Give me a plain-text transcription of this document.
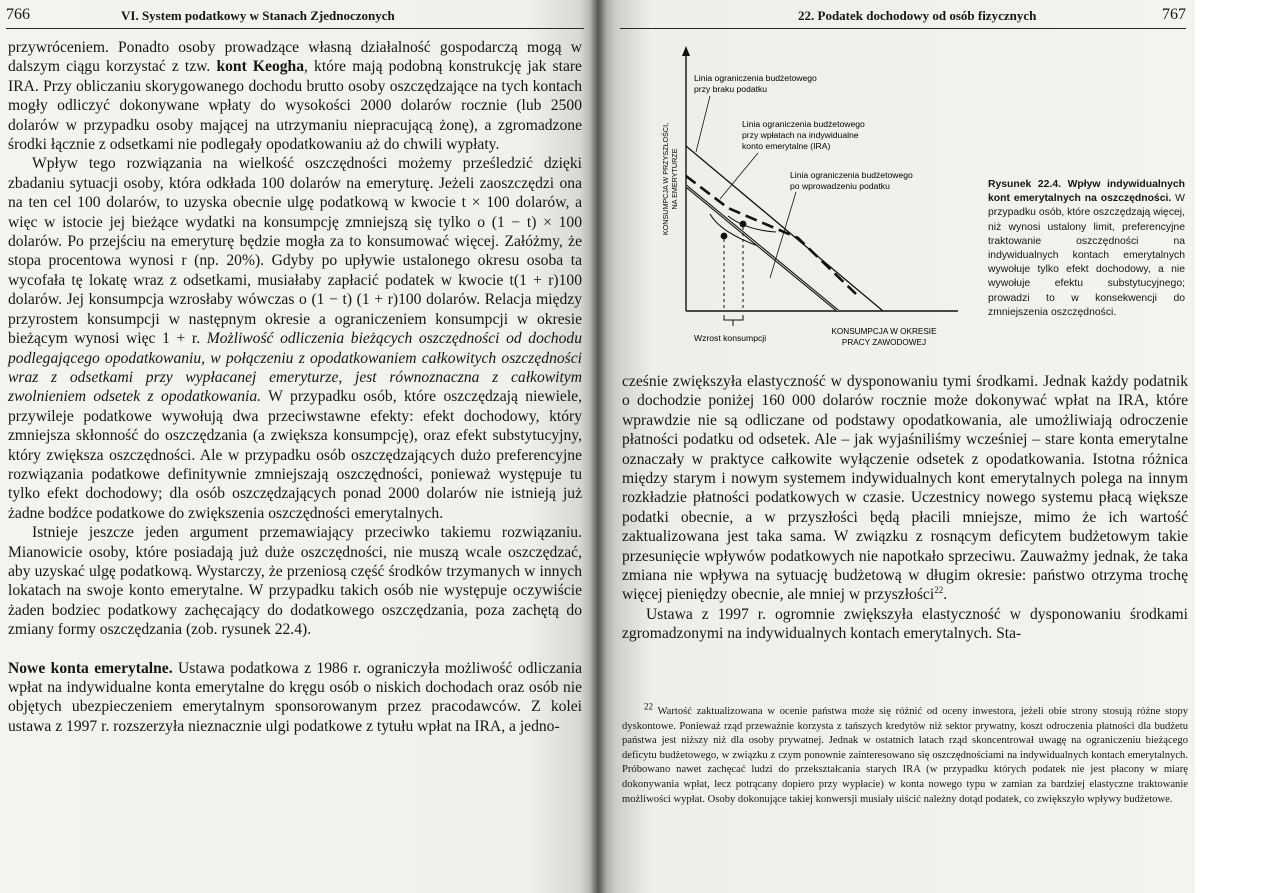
766	VI. System podatkowy w Stanach Zjednoczonych

przywróceniem. Ponadto osoby prowadzące własną działalność gospodarczą mogą w dalszym ciągu korzystać z tzw. kont Keogha, które mają podobną konstrukcję jak stare IRA. Przy obliczaniu skorygowanego dochodu brutto osoby oszczędzające na tych kontach mogły odliczyć dokonywane wpłaty do wysokości 2000 dolarów rocznie (lub 2500 dolarów w przypadku osoby mającej na utrzymaniu niepracującą żonę), a zgromadzone środki łącznie z odsetkami nie podlegały opodatkowaniu aż do chwili wypłaty.

Wpływ tego rozwiązania na wielkość oszczędności możemy prześledzić dzięki zbadaniu sytuacji osoby, która odkłada 100 dolarów na emeryturę. Jeżeli zaoszczędzi ona na ten cel 100 dolarów, to uzyska obecnie ulgę podatkową w kwocie t × 100 dolarów, a więc w istocie jej bieżące wydatki na konsumpcję zmniejszą się tylko o (1 − t) × 100 dolarów. Po przejściu na emeryturę będzie mogła za to konsumować więcej. Załóżmy, że stopa procentowa wynosi r (np. 20%). Gdyby po upływie ustalonego okresu osoba ta wycofała tę lokatę wraz z odsetkami, musiałaby zapłacić podatek w kwocie t(1 + r)100 dolarów. Jej konsumpcja wzrosłaby wówczas o (1 − t) (1 + r)100 dolarów. Relacja między przyrostem konsumpcji w następnym okresie a ograniczeniem konsumpcji w okresie bieżącym wynosi więc 1 + r. Możliwość odliczenia bieżących oszczędności od dochodu podlegającego opodatkowaniu, w połączeniu z opodatkowaniem całkowitych oszczędności wraz z odsetkami przy wypłacanej emeryturze, jest równoznaczna z całkowitym zwolnieniem odsetek z opodatkowania. W przypadku osób, które oszczędzają niewiele, przywileje podatkowe wywołują dwa przeciwstawne efekty: efekt dochodowy, który zmniejsza skłonność do oszczędzania (a zwiększa konsumpcję), oraz efekt substytucyjny, który zwiększa oszczędności. Ale w przypadku osób oszczędzających dużo preferencyjne rozwiązania podatkowe definitywnie zmniejszają oszczędności, ponieważ występuje tu tylko efekt dochodowy; dla osób oszczędzających ponad 2000 dolarów nie istnieją już żadne bodźce podatkowe do zwiększenia oszczędności emerytalnych.

Istnieje jeszcze jeden argument przemawiający przeciwko takiemu rozwiązaniu. Mianowicie osoby, które posiadają już duże oszczędności, nie muszą wcale oszczędzać, aby uzyskać ulgę podatkową. Wystarczy, że przeniosą część środków trzymanych w innych lokatach na swoje konto emerytalne. W przypadku takich osób nie występuje oczywiście żaden bodziec podatkowy zachęcający do dodatkowego oszczędzania, poza zachętą do zmiany formy oszczędzania (zob. rysunek 22.4).

Nowe konta emerytalne. Ustawa podatkowa z 1986 r. ograniczyła możliwość odliczania wpłat na indywidualne konta emerytalne do kręgu osób o niskich dochodach oraz osób nie objętych ubezpieczeniem emerytalnym sponsorowanym przez pracodawców. Z kolei ustawa z 1997 r. rozszerzyła nieznacznie ulgi podatkowe z tytułu wpłat na IRA, a jedno-

22. Podatek dochodowy od osób fizycznych	767
KONSUMPCJA W PRZYSZŁOŚCI, NA EMERYTURZE
Linia ograniczenia budżetowego
przy braku podatku
Linia ograniczenia budżetowego
przy wpłatach na indywidualne
konto emerytalne (IRA)
Linia ograniczenia budżetowego
po wprowadzeniu podatku
Wzrost konsumpcji
KONSUMPCJA W OKRESIE
PRACY ZAWODOWEJ
Rysunek 22.4. Wpływ indywidualnych kont emerytalnych na oszczędności. W przypadku osób, które oszczędzają więcej, niż wynosi ustalony limit, preferencyjne traktowanie oszczędności na indywidualnych kontach emerytalnych wywołuje tylko efekt dochodowy, a nie wywołuje efektu substytucyjnego; prowadzi to w konsekwencji do zmniejszenia oszczędności.

cześnie zwiększyła elastyczność w dysponowaniu tymi środkami. Jednak każdy podatnik o dochodzie poniżej 160 000 dolarów rocznie może dokonywać wpłat na IRA, które wprawdzie nie są odliczane od podstawy opodatkowania, ale umożliwiają odroczenie płatności podatku od odsetek. Ale – jak wyjaśniliśmy wcześniej – stare konta emerytalne oznaczały w praktyce całkowite wyłączenie odsetek z opodatkowania. Istotna różnica między starym i nowym systemem indywidualnych kont emerytalnych polega na innym rozkładzie płatności podatkowych w czasie. Uczestnicy nowego systemu płacą większe podatki obecnie, a w przyszłości będą płacili mniejsze, mimo że ich wartość zaktualizowana jest taka sama. W związku z rosnącym deficytem budżetowym takie przesunięcie wpływów podatkowych nie napotkało sprzeciwu. Zauważmy jednak, że taka zmiana nie wpływa na sytuację budżetową w długim okresie: państwo otrzyma trochę więcej pieniędzy obecnie, ale mniej w przyszłości$^{22}$.

Ustawa z 1997 r. ogromnie zwiększyła elastyczność w dysponowaniu środkami zgromadzonymi na indywidualnych kontach emerytalnych. Sta-

$^{22}$ Wartość zaktualizowana w ocenie państwa może się różnić od oceny inwestora, jeżeli obie strony stosują różne stopy dyskontowe. Ponieważ rząd przeważnie korzysta z tańszych kredytów niż sektor prywatny, koszt odroczenia płatności dla budżetu państwa jest niższy niż dla osoby prywatnej. Jednak w ostatnich latach rząd skoncentrował uwagę na ograniczeniu bieżącego deficytu budżetowego, w związku z czym ponownie zainteresowano się oszczędnościami na indywidualnych kontach emerytalnych. Próbowano nawet zachęcać ludzi do przekształcania starych IRA (w przypadku których podatek nie jest płacony w miarę dokonywania wpłat, lecz potrącany dopiero przy wypłacie) w konta nowego typu w zamian za bardziej elastyczne traktowanie możliwości wypłat. Osoby dokonujące takiej konwersji musiały uiścić należny dotąd podatek, co zwiększyło wpływy budżetowe.
